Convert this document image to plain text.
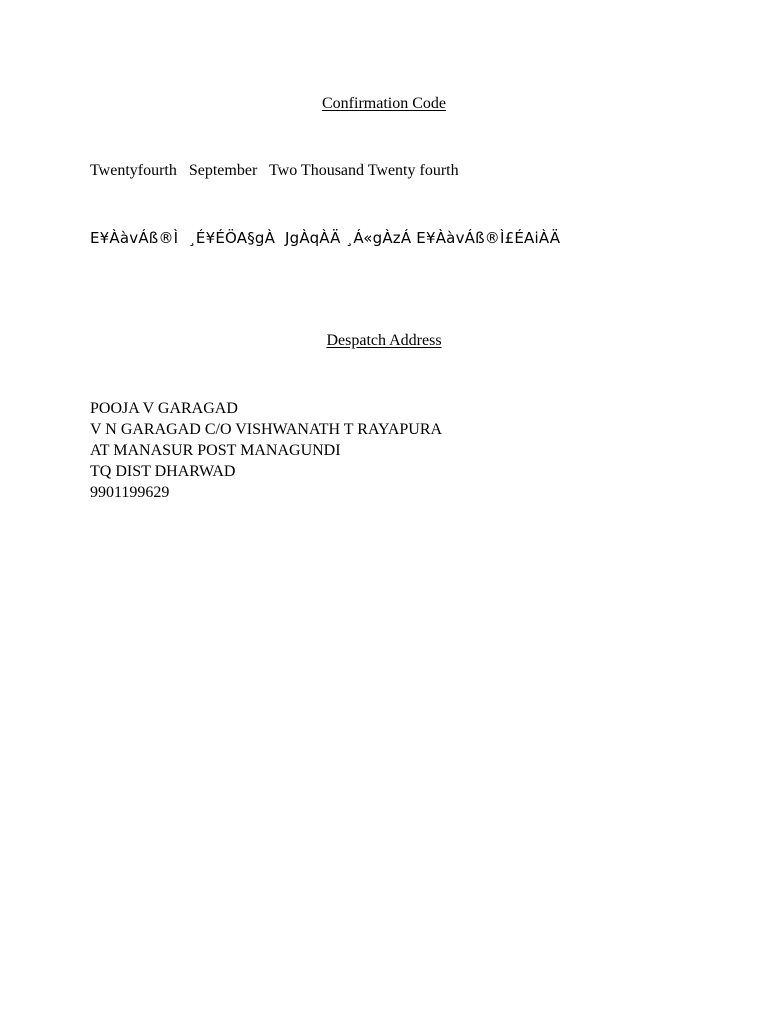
Confirmation Code
Twentyfourth   September   Two Thousand Twenty fourth
E¥ÀàvÁß®Ì  ¸É¥ÉÖA§gÀ  JgÀqÀÄ ¸Á«gÀzÁ E¥ÀàvÁß®Ì£ÉAiÀÄ
Despatch Address
POOJA V GARAGAD
V N GARAGAD C/O VISHWANATH T RAYAPURA
AT MANASUR POST MANAGUNDI
TQ DIST DHARWAD
9901199629
